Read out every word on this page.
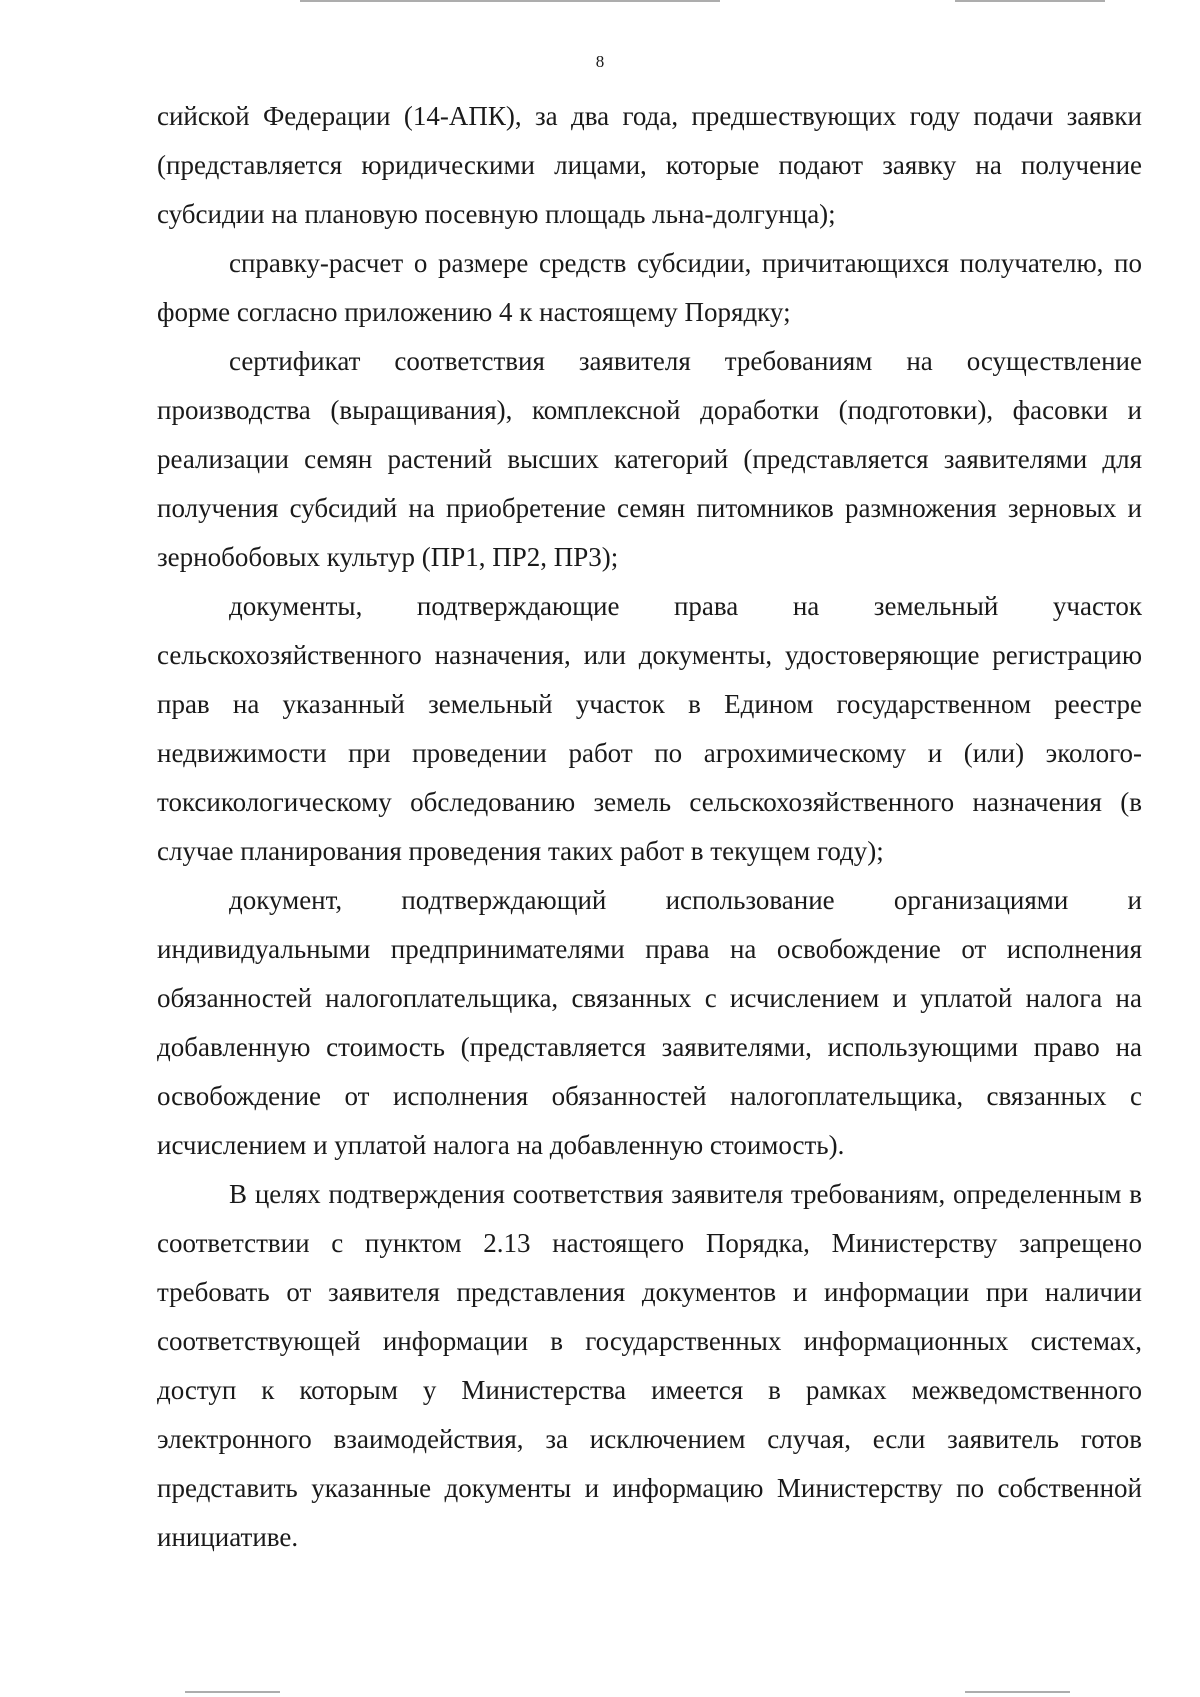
8

сийской Федерации (14-АПК), за два года, предшествующих году подачи заявки (представляется юридическими лицами, которые подают заявку на получение субсидии на плановую посевную площадь льна-долгунца);

справку-расчет о размере средств субсидии, причитающихся получателю, по форме согласно приложению 4 к настоящему Порядку;

сертификат соответствия заявителя требованиям на осуществление производства (выращивания), комплексной доработки (подготовки), фасовки и реализации семян растений высших категорий (представляется заявителями для получения субсидий на приобретение семян питомников размножения зерновых и зернобобовых культур (ПР1, ПР2, ПР3);

документы, подтверждающие права на земельный участок сельскохозяйственного назначения, или документы, удостоверяющие регистрацию прав на указанный земельный участок в Едином государственном реестре недвижимости при проведении работ по агрохимическому и (или) эколого-токсикологическому обследованию земель сельскохозяйственного назначения (в случае планирования проведения таких работ в текущем году);

документ, подтверждающий использование организациями и индивидуальными предпринимателями права на освобождение от исполнения обязанностей налогоплательщика, связанных с исчислением и уплатой налога на добавленную стоимость (представляется заявителями, использующими право на освобождение от исполнения обязанностей налогоплательщика, связанных с исчислением и уплатой налога на добавленную стоимость).

В целях подтверждения соответствия заявителя требованиям, определенным в соответствии с пунктом 2.13 настоящего Порядка, Министерству запрещено требовать от заявителя представления документов и информации при наличии соответствующей информации в государственных информационных системах, доступ к которым у Министерства имеется в рамках межведомственного электронного взаимодействия, за исключением случая, если заявитель готов представить указанные документы и информацию Министерству по собственной инициативе.
